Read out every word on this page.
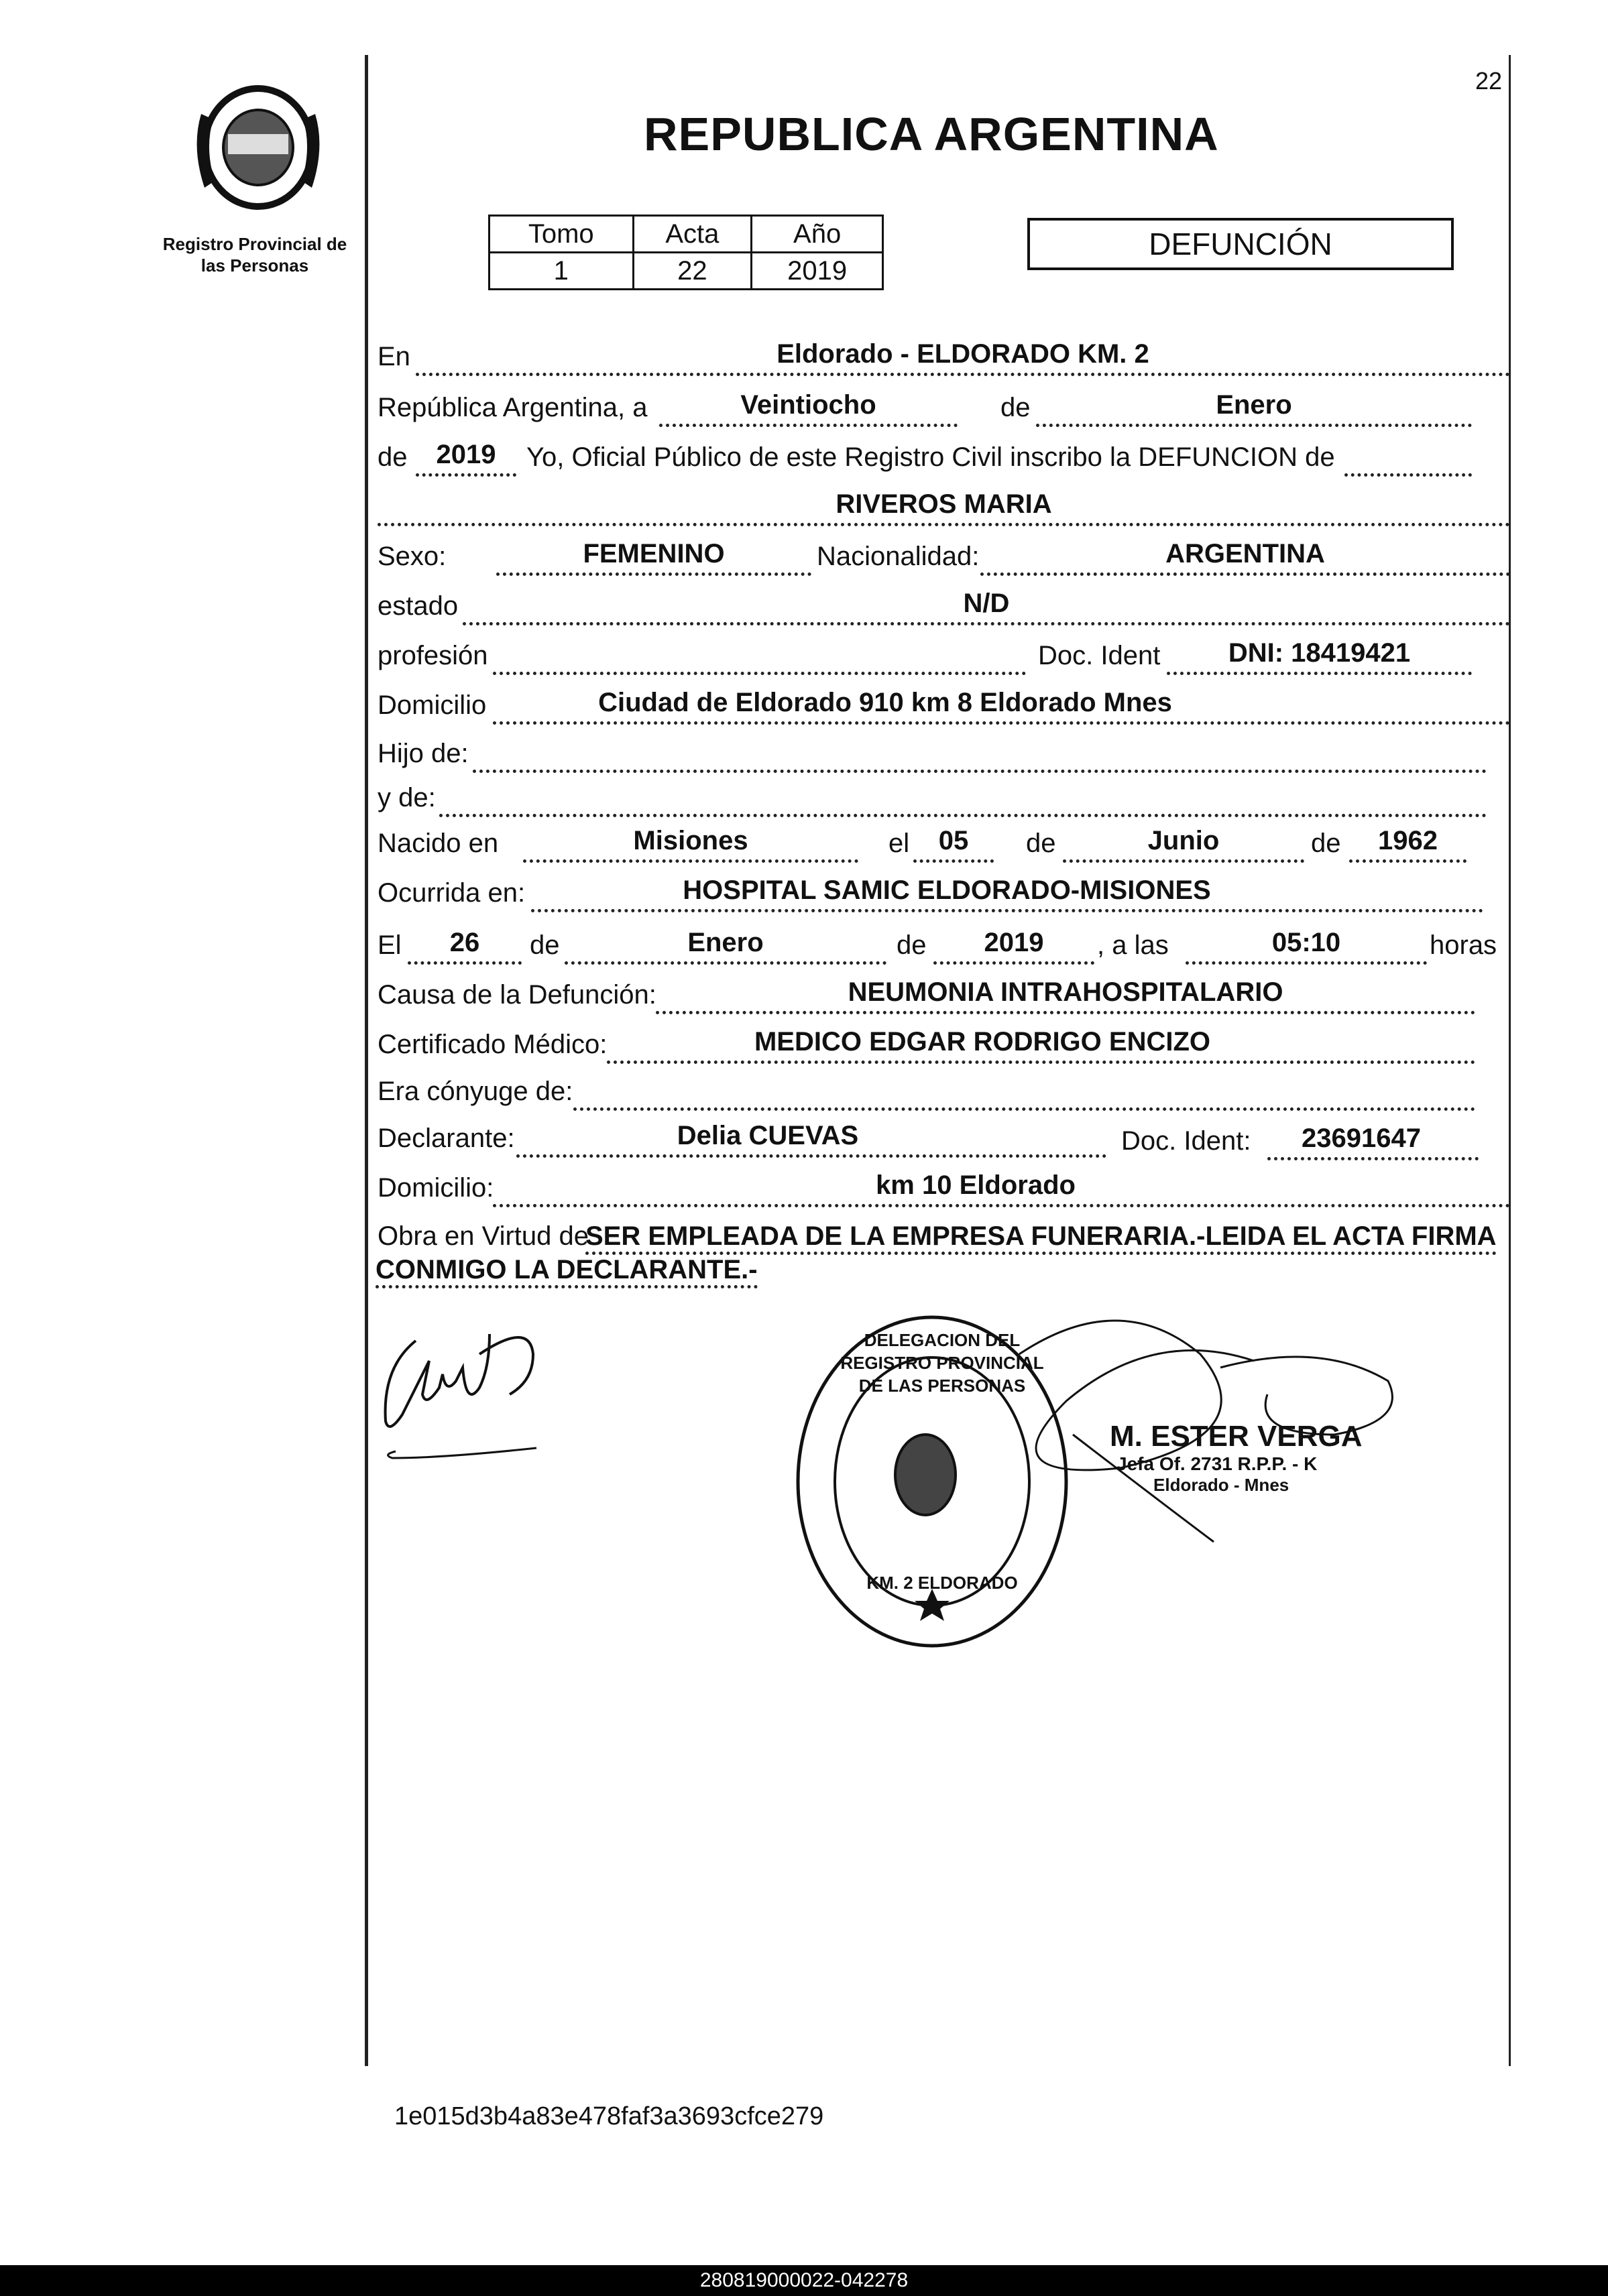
22
Registro Provincial de las Personas
REPUBLICA ARGENTINA
Tomo	Acta	Año
1	22	2019
DEFUNCIÓN
En	Eldorado - ELDORADO KM. 2
República Argentina, a	Veintiocho	de	Enero
de	2019	Yo, Oficial Público de este Registro Civil inscribo la DEFUNCION de
RIVEROS MARIA
Sexo:	FEMENINO	Nacionalidad:	ARGENTINA
estado	N/D
profesión	Doc. Ident	DNI: 18419421
Domicilio	Ciudad de Eldorado 910 km 8 Eldorado Mnes
Hijo de:
y de:
Nacido en	Misiones	el	05	de	Junio	de	1962
Ocurrida en:	HOSPITAL SAMIC ELDORADO-MISIONES
El	26	de	Enero	de	2019	, a las	05:10	horas
Causa de la Defunción:	NEUMONIA INTRAHOSPITALARIO
Certificado Médico:	MEDICO EDGAR RODRIGO ENCIZO
Era cónyuge de:
Declarante:	Delia CUEVAS	Doc. Ident:	23691647
Domicilio:	km 10 Eldorado
Obra en Virtud de
SER EMPLEADA DE LA EMPRESA FUNERARIA.-LEIDA EL ACTA FIRMA
CONMIGO LA DECLARANTE.-
M. ESTER VERGA
Jefa Of. 2731 R.P.P. - K
Eldorado - Mnes
DELEGACION DEL REGISTRO PROVINCIAL DE LAS PERSONAS
KM. 2 ELDORADO
1e015d3b4a83e478faf3a3693cfce279
280819000022-042278
